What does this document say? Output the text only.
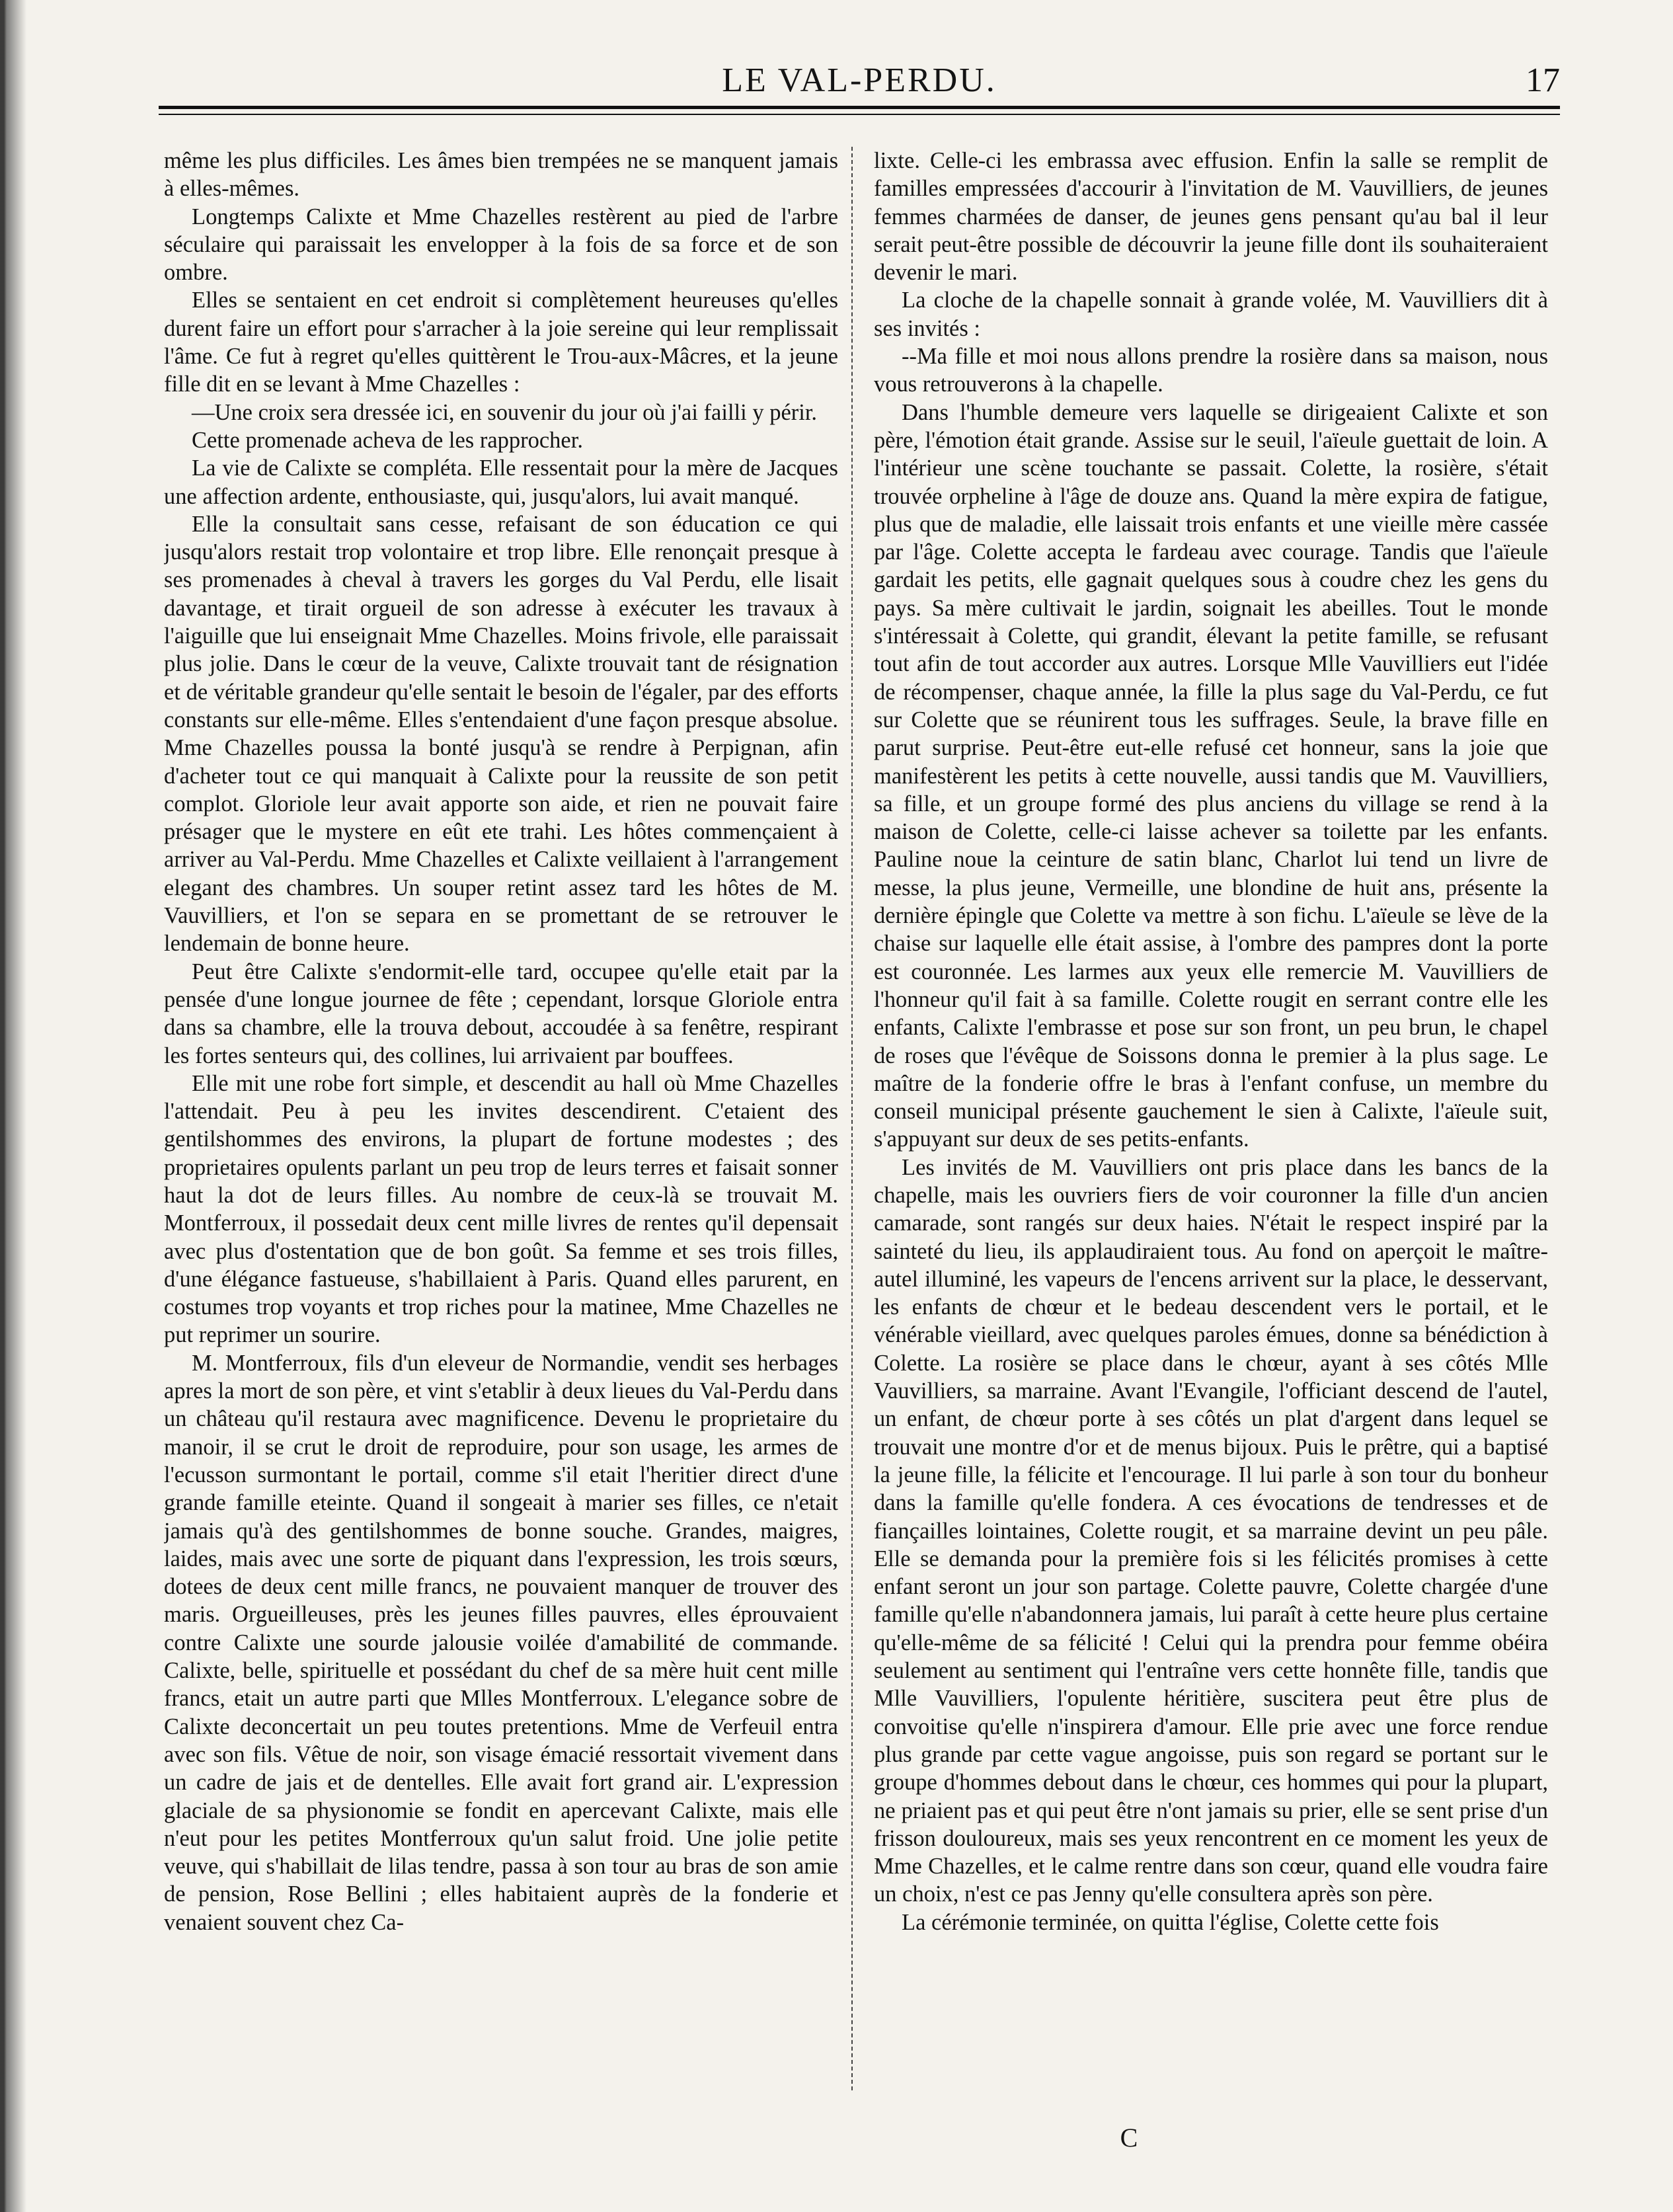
LE VAL-PERDU.	17

même les plus difficiles. Les âmes bien trempées ne se manquent jamais à elles-mêmes.

Longtemps Calixte et Mme Chazelles restèrent au pied de l'arbre séculaire qui paraissait les envelopper à la fois de sa force et de son ombre.

Elles se sentaient en cet endroit si complètement heureuses qu'elles durent faire un effort pour s'arracher à la joie sereine qui leur remplissait l'âme. Ce fut à regret qu'elles quittèrent le Trou-aux-Mâcres, et la jeune fille dit en se levant à Mme Chazelles :

—Une croix sera dressée ici, en souvenir du jour où j'ai failli y périr.

Cette promenade acheva de les rapprocher.

La vie de Calixte se compléta. Elle ressentait pour la mère de Jacques une affection ardente, enthousiaste, qui, jusqu'alors, lui avait manqué.

Elle la consultait sans cesse, refaisant de son éducation ce qui jusqu'alors restait trop volontaire et trop libre. Elle renonçait presque à ses promenades à cheval à travers les gorges du Val Perdu, elle lisait davantage, et tirait orgueil de son adresse à exécuter les travaux à l'aiguille que lui enseignait Mme Chazelles. Moins frivole, elle paraissait plus jolie. Dans le cœur de la veuve, Calixte trouvait tant de résignation et de véritable grandeur qu'elle sentait le besoin de l'égaler, par des efforts constants sur elle-même. Elles s'entendaient d'une façon presque absolue. Mme Chazelles poussa la bonté jusqu'à se rendre à Perpignan, afin d'acheter tout ce qui manquait à Calixte pour la reussite de son petit complot. Gloriole leur avait apporte son aide, et rien ne pouvait faire présager que le mystere en eût ete trahi. Les hôtes commençaient à arriver au Val-Perdu. Mme Chazelles et Calixte veillaient à l'arrangement elegant des chambres. Un souper retint assez tard les hôtes de M. Vauvilliers, et l'on se separa en se promettant de se retrouver le lendemain de bonne heure.

Peut être Calixte s'endormit-elle tard, occupee qu'elle etait par la pensée d'une longue journee de fête ; cependant, lorsque Gloriole entra dans sa chambre, elle la trouva debout, accoudée à sa fenêtre, respirant les fortes senteurs qui, des collines, lui arrivaient par bouffees.

Elle mit une robe fort simple, et descendit au hall où Mme Chazelles l'attendait. Peu à peu les invites descendirent. C'etaient des gentilshommes des environs, la plupart de fortune modestes ; des proprietaires opulents parlant un peu trop de leurs terres et faisait sonner haut la dot de leurs filles. Au nombre de ceux-là se trouvait M. Montferroux, il possedait deux cent mille livres de rentes qu'il depensait avec plus d'ostentation que de bon goût. Sa femme et ses trois filles, d'une élégance fastueuse, s'habillaient à Paris. Quand elles parurent, en costumes trop voyants et trop riches pour la matinee, Mme Chazelles ne put reprimer un sourire.

M. Montferroux, fils d'un eleveur de Normandie, vendit ses herbages apres la mort de son père, et vint s'etablir à deux lieues du Val-Perdu dans un château qu'il restaura avec magnificence. Devenu le proprietaire du manoir, il se crut le droit de reproduire, pour son usage, les armes de l'ecusson surmontant le portail, comme s'il etait l'heritier direct d'une grande famille eteinte. Quand il songeait à marier ses filles, ce n'etait jamais qu'à des gentilshommes de bonne souche. Grandes, maigres, laides, mais avec une sorte de piquant dans l'expression, les trois sœurs, dotees de deux cent mille francs, ne pouvaient manquer de trouver des maris. Orgueilleuses, près les jeunes filles pauvres, elles éprouvaient contre Calixte une sourde jalousie voilée d'amabilité de commande. Calixte, belle, spirituelle et possédant du chef de sa mère huit cent mille francs, etait un autre parti que Mlles Montferroux. L'elegance sobre de Calixte deconcertait un peu toutes pretentions. Mme de Verfeuil entra avec son fils. Vêtue de noir, son visage émacié ressortait vivement dans un cadre de jais et de dentelles. Elle avait fort grand air. L'expression glaciale de sa physionomie se fondit en apercevant Calixte, mais elle n'eut pour les petites Montferroux qu'un salut froid. Une jolie petite veuve, qui s'habillait de lilas tendre, passa à son tour au bras de son amie de pension, Rose Bellini ; elles habitaient auprès de la fonderie et venaient souvent chez Ca-

lixte. Celle-ci les embrassa avec effusion. Enfin la salle se remplit de familles empressées d'accourir à l'invitation de M. Vauvilliers, de jeunes femmes charmées de danser, de jeunes gens pensant qu'au bal il leur serait peut-être possible de découvrir la jeune fille dont ils souhaiteraient devenir le mari.

La cloche de la chapelle sonnait à grande volée, M. Vauvilliers dit à ses invités :

--Ma fille et moi nous allons prendre la rosière dans sa maison, nous vous retrouverons à la chapelle.

Dans l'humble demeure vers laquelle se dirigeaient Calixte et son père, l'émotion était grande. Assise sur le seuil, l'aïeule guettait de loin. A l'intérieur une scène touchante se passait. Colette, la rosière, s'était trouvée orpheline à l'âge de douze ans. Quand la mère expira de fatigue, plus que de maladie, elle laissait trois enfants et une vieille mère cassée par l'âge. Colette accepta le fardeau avec courage. Tandis que l'aïeule gardait les petits, elle gagnait quelques sous à coudre chez les gens du pays. Sa mère cultivait le jardin, soignait les abeilles. Tout le monde s'intéressait à Colette, qui grandit, élevant la petite famille, se refusant tout afin de tout accorder aux autres. Lorsque Mlle Vauvilliers eut l'idée de récompenser, chaque année, la fille la plus sage du Val-Perdu, ce fut sur Colette que se réunirent tous les suffrages. Seule, la brave fille en parut surprise. Peut-être eut-elle refusé cet honneur, sans la joie que manifestèrent les petits à cette nouvelle, aussi tandis que M. Vauvilliers, sa fille, et un groupe formé des plus anciens du village se rend à la maison de Colette, celle-ci laisse achever sa toilette par les enfants. Pauline noue la ceinture de satin blanc, Charlot lui tend un livre de messe, la plus jeune, Vermeille, une blondine de huit ans, présente la dernière épingle que Colette va mettre à son fichu. L'aïeule se lève de la chaise sur laquelle elle était assise, à l'ombre des pampres dont la porte est couronnée. Les larmes aux yeux elle remercie M. Vauvilliers de l'honneur qu'il fait à sa famille. Colette rougit en serrant contre elle les enfants, Calixte l'embrasse et pose sur son front, un peu brun, le chapel de roses que l'évêque de Soissons donna le premier à la plus sage. Le maître de la fonderie offre le bras à l'enfant confuse, un membre du conseil municipal présente gauchement le sien à Calixte, l'aïeule suit, s'appuyant sur deux de ses petits-enfants.

Les invités de M. Vauvilliers ont pris place dans les bancs de la chapelle, mais les ouvriers fiers de voir couronner la fille d'un ancien camarade, sont rangés sur deux haies. N'était le respect inspiré par la sainteté du lieu, ils applaudiraient tous. Au fond on aperçoit le maître-autel illuminé, les vapeurs de l'encens arrivent sur la place, le desservant, les enfants de chœur et le bedeau descendent vers le portail, et le vénérable vieillard, avec quelques paroles émues, donne sa bénédiction à Colette. La rosière se place dans le chœur, ayant à ses côtés Mlle Vauvilliers, sa marraine. Avant l'Evangile, l'officiant descend de l'autel, un enfant, de chœur porte à ses côtés un plat d'argent dans lequel se trouvait une montre d'or et de menus bijoux. Puis le prêtre, qui a baptisé la jeune fille, la félicite et l'encourage. Il lui parle à son tour du bonheur dans la famille qu'elle fondera. A ces évocations de tendresses et de fiançailles lointaines, Colette rougit, et sa marraine devint un peu pâle. Elle se demanda pour la première fois si les félicités promises à cette enfant seront un jour son partage. Colette pauvre, Colette chargée d'une famille qu'elle n'abandonnera jamais, lui paraît à cette heure plus certaine qu'elle-même de sa félicité ! Celui qui la prendra pour femme obéira seulement au sentiment qui l'entraîne vers cette honnête fille, tandis que Mlle Vauvilliers, l'opulente héritière, suscitera peut être plus de convoitise qu'elle n'inspirera d'amour. Elle prie avec une force rendue plus grande par cette vague angoisse, puis son regard se portant sur le groupe d'hommes debout dans le chœur, ces hommes qui pour la plupart, ne priaient pas et qui peut être n'ont jamais su prier, elle se sent prise d'un frisson douloureux, mais ses yeux rencontrent en ce moment les yeux de Mme Chazelles, et le calme rentre dans son cœur, quand elle voudra faire un choix, n'est ce pas Jenny qu'elle consultera après son père.

La cérémonie terminée, on quitta l'église, Colette cette fois

C
